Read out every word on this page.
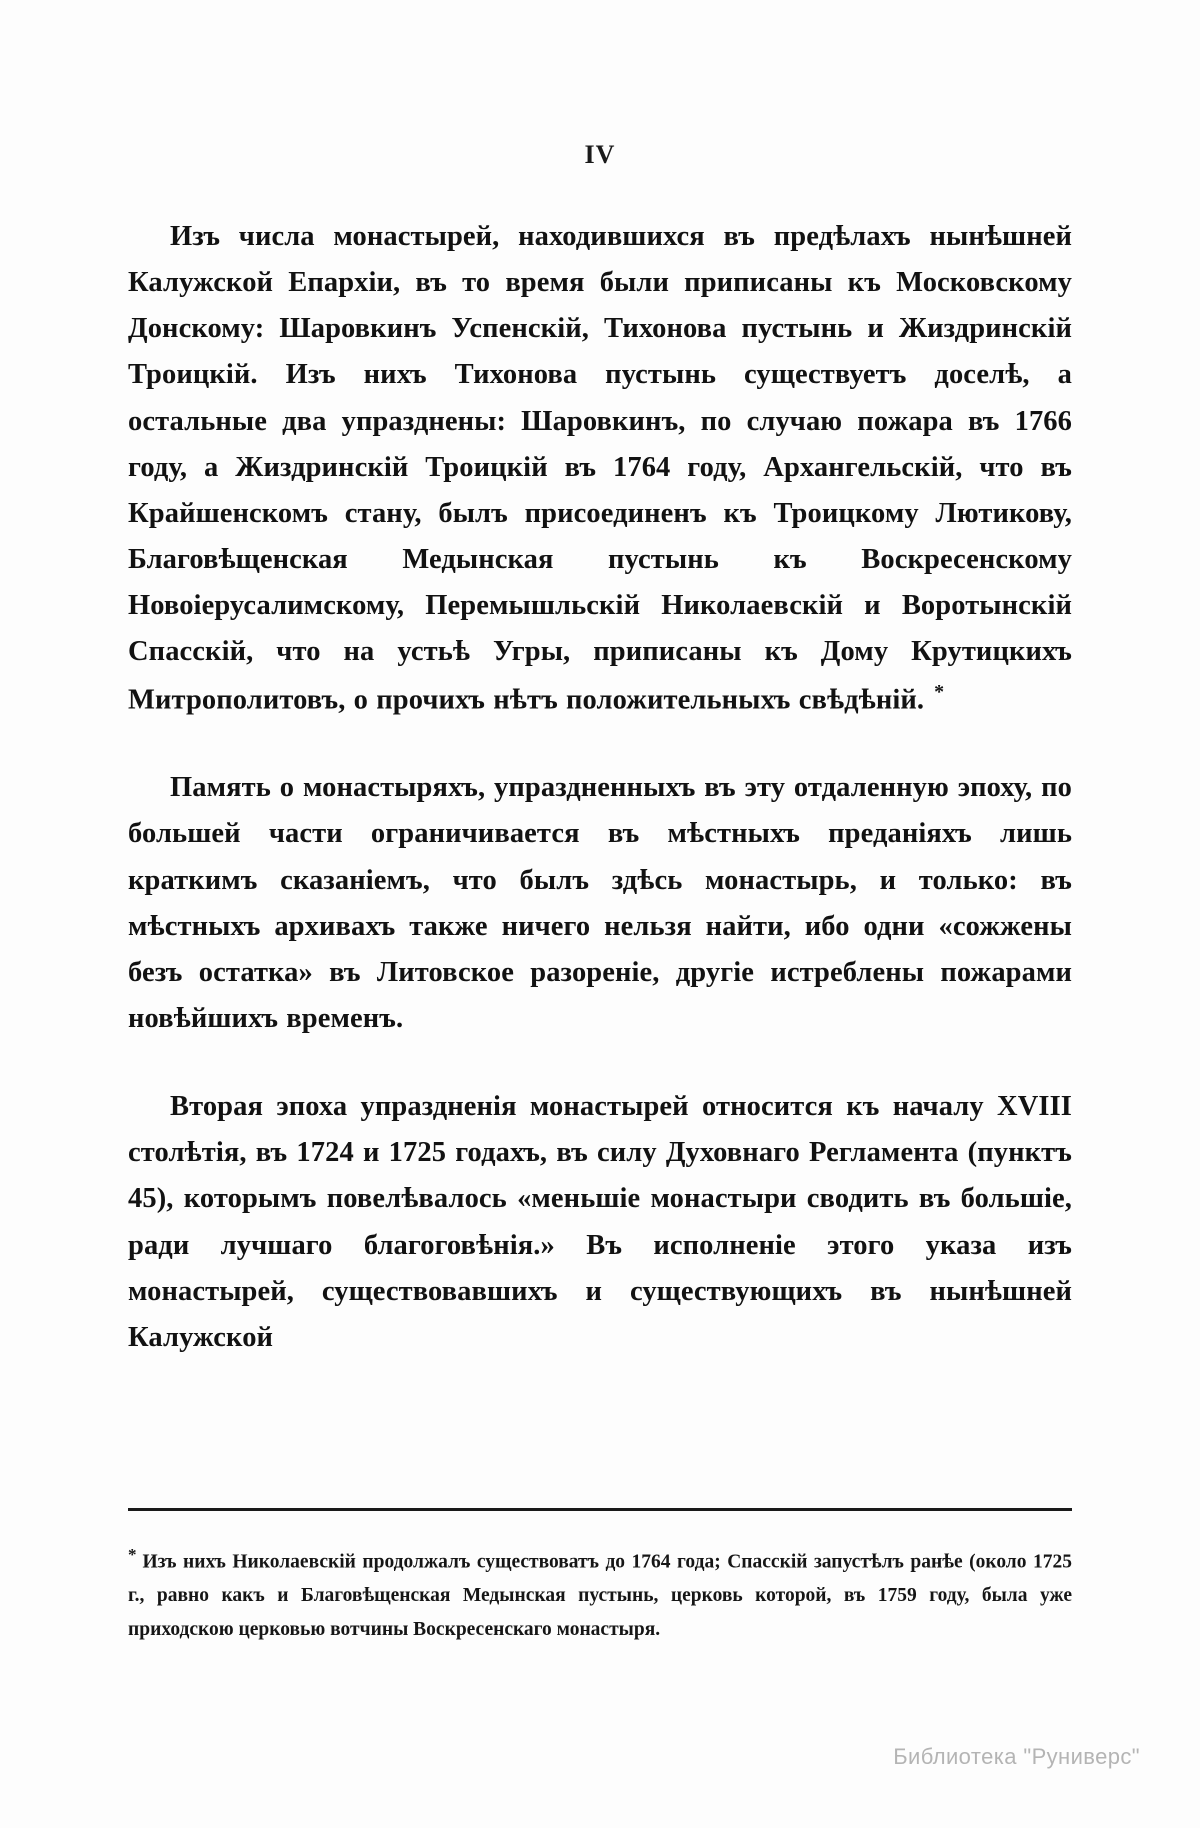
IV

Изъ числа монастырей, находившихся въ предѣлахъ нынѣшней Калужской Епархіи, въ то время были приписаны къ Московскому Донскому: Шаровкинъ Успенскій, Тихонова пустынь и Жиздринскій Троицкій. Изъ нихъ Тихонова пустынь существуетъ доселѣ, а остальные два упразднены: Шаровкинъ, по случаю пожара въ 1766 году, а Жиздринскій Троицкій въ 1764 году, Архангельскій, что въ Крайшенскомъ стану, былъ присоединенъ къ Троицкому Лютикову, Благовѣщенская Медынская пустынь къ Воскресенскому Новоіерусалимскому, Перемышльскій Николаевскій и Воротынскій Спасскій, что на устьѣ Угры, приписаны къ Дому Крутицкихъ Митрополитовъ, о прочихъ нѣтъ положительныхъ свѣдѣній. *

Память о монастыряхъ, упраздненныхъ въ эту отдаленную эпоху, по большей части ограничивается въ мѣстныхъ преданіяхъ лишь краткимъ сказаніемъ, что былъ здѣсь монастырь, и только: въ мѣстныхъ архивахъ также ничего нельзя найти, ибо одни «сожжены безъ остатка» въ Литовское разореніе, другіе истреблены пожарами новѣйшихъ временъ.

Вторая эпоха упраздненія монастырей относится къ началу XVIII столѣтія, въ 1724 и 1725 годахъ, въ силу Духовнаго Регламента (пунктъ 45), которымъ повелѣвалось «меньшіе монастыри сводить въ большіе, ради лучшаго благоговѣнія.» Въ исполненіе этого указа изъ монастырей, существовавшихъ и существующихъ въ нынѣшней Калужской

* Изъ нихъ Николаевскій продолжалъ существоватъ до 1764 года; Спасскій запустѣлъ ранѣе (около 1725 г., равно какъ и Благовѣщенская Медынская пустынь, церковь которой, въ 1759 году, была уже приходскою церковью вотчины Воскресенскаго монастыря.
Библиотека "Руниверс"
